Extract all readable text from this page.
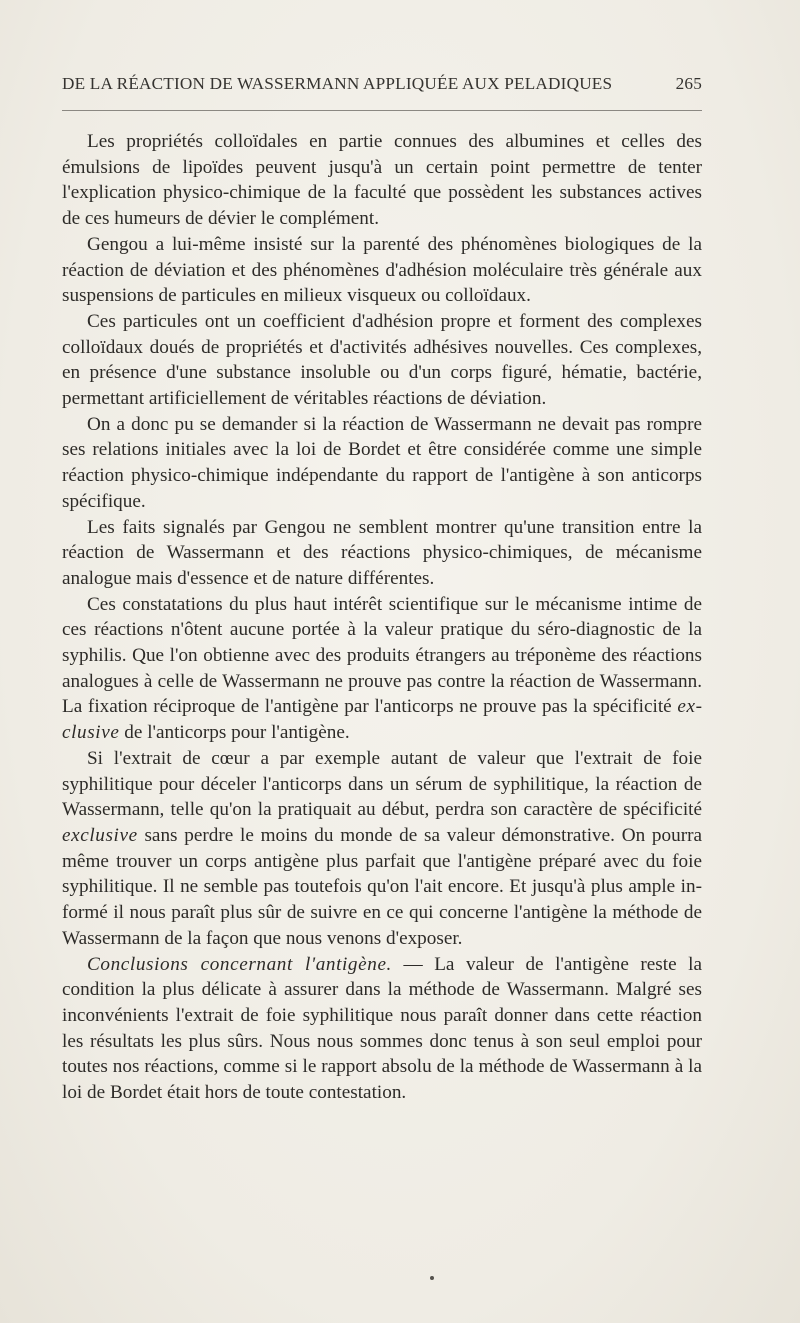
DE LA RÉACTION DE WASSERMANN APPLIQUÉE AUX PELADIQUES	265

Les propriétés colloïdales en partie connues des albumines et celles des émulsions de lipoïdes peuvent jusqu'à un certain point permettre de tenter l'explication physico-chimique de la faculté que possèdent les substances actives de ces humeurs de dévier le complément.

Gengou a lui-même insisté sur la parenté des phénomènes biologiques de la réaction de déviation et des phénomènes d'adhésion moléculaire très générale aux suspensions de particules en milieux visqueux ou colloïdaux.

Ces particules ont un coefficient d'adhésion propre et forment des complexes colloïdaux doués de propriétés et d'activités adhésives nouvelles. Ces complexes, en présence d'une substance insoluble ou d'un corps figuré, hématie, bactérie, permettant artificiellement de véritables réactions de déviation.

On a donc pu se demander si la réaction de Wassermann ne devait pas rompre ses relations initiales avec la loi de Bordet et être considérée comme une simple réaction physico-chimique indépendante du rapport de l'antigène à son anticorps spécifique.

Les faits signalés par Gengou ne semblent montrer qu'une transition entre la réaction de Wassermann et des réactions physico-chimiques, de mécanisme analogue mais d'essence et de nature différentes.

Ces constatations du plus haut intérêt scientifique sur le mécanisme intime de ces réactions n'ôtent aucune portée à la valeur pratique du séro-diagnostic de la syphilis. Que l'on obtienne avec des produits étrangers au tréponème des réactions analogues à celle de Wassermann ne prouve pas contre la réaction de Wassermann. La fixation réciproque de l'antigène par l'anticorps ne prouve pas la spécificité exclusive de l'anticorps pour l'antigène.

Si l'extrait de cœur a par exemple autant de valeur que l'extrait de foie syphilitique pour déceler l'anticorps dans un sérum de syphilitique, la réaction de Wassermann, telle qu'on la pratiquait au début, perdra son caractère de spécificité exclusive sans perdre le moins du monde de sa valeur démonstrative. On pourra même trouver un corps antigène plus parfait que l'antigène préparé avec du foie syphilitique. Il ne semble pas toutefois qu'on l'ait encore. Et jusqu'à plus ample informé il nous paraît plus sûr de suivre en ce qui concerne l'antigène la méthode de Wassermann de la façon que nous venons d'exposer.

Conclusions concernant l'antigène. — La valeur de l'antigène reste la condition la plus délicate à assurer dans la méthode de Wassermann. Malgré ses inconvénients l'extrait de foie syphilitique nous paraît donner dans cette réaction les résultats les plus sûrs. Nous nous sommes donc tenus à son seul emploi pour toutes nos réactions, comme si le rapport absolu de la méthode de Wassermann à la loi de Bordet était hors de toute contestation.
